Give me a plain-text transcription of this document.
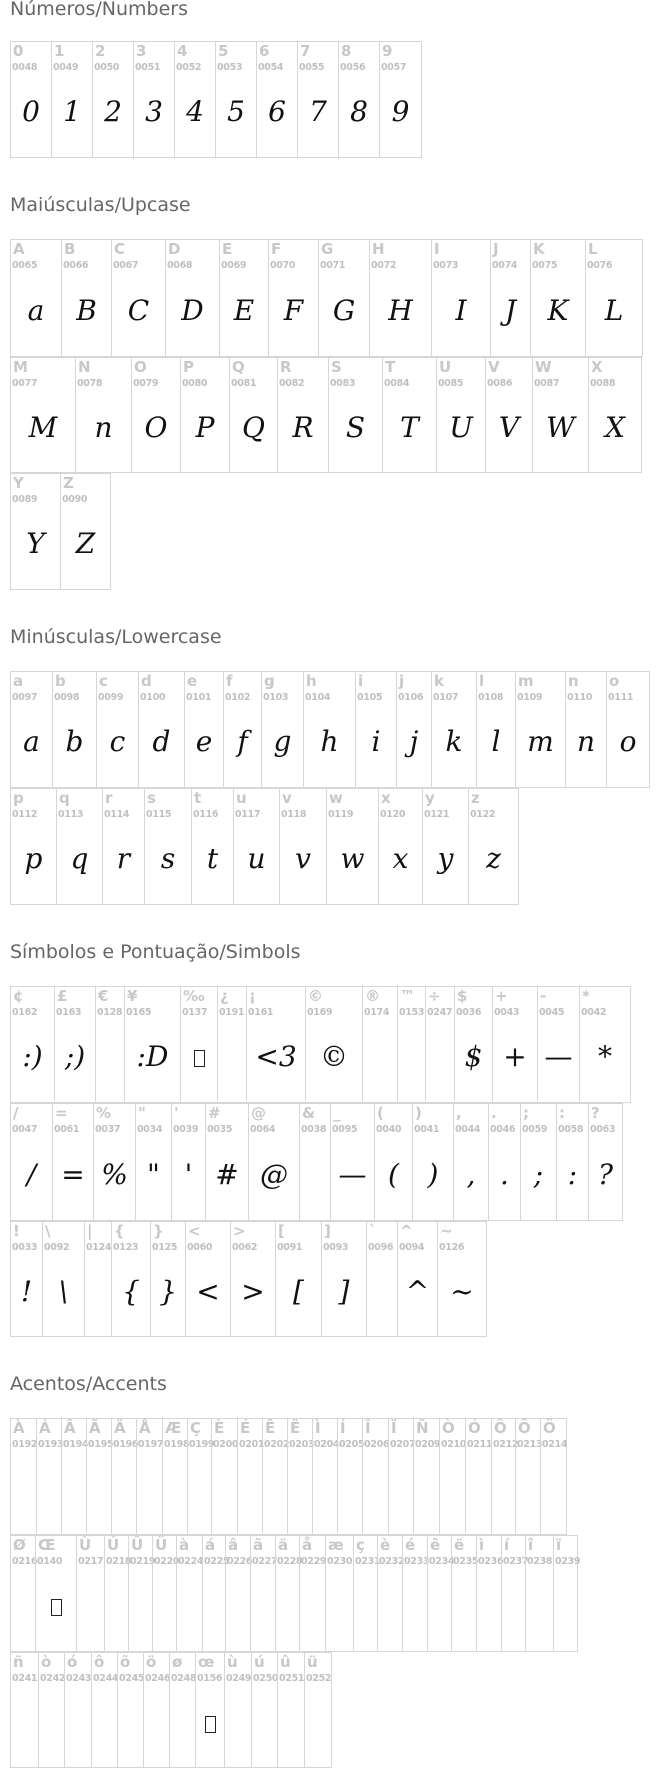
Números/Numbers
0
0048
0
1
0049
1
2
0050
2
3
0051
3
4
0052
4
5
0053
5
6
0054
6
7
0055
7
8
0056
8
9
0057
9
Maiúsculas/Upcase
A
0065
a
B
0066
B
C
0067
C
D
0068
D
E
0069
E
F
0070
F
G
0071
G
H
0072
H
I
0073
I
J
0074
J
K
0075
K
L
0076
L
M
0077
M
N
0078
n
O
0079
O
P
0080
P
Q
0081
Q
R
0082
R
S
0083
S
T
0084
T
U
0085
U
V
0086
V
W
0087
W
X
0088
X
Y
0089
Y
Z
0090
Z
Minúsculas/Lowercase
a
0097
a
b
0098
b
c
0099
c
d
0100
d
e
0101
e
f
0102
f
g
0103
g
h
0104
h
i
0105
i
j
0106
j
k
0107
k
l
0108
l
m
0109
m
n
0110
n
o
0111
o
p
0112
p
q
0113
q
r
0114
r
s
0115
s
t
0116
t
u
0117
u
v
0118
v
w
0119
w
x
0120
x
y
0121
y
z
0122
z
Símbolos e Pontuação/Simbols
¢
0162
:)
£
0163
;)
€
0128
¥
0165
:D
‰
0137
¿
0191
¡
0161
<3
©
0169
©
®
0174
™
0153
÷
0247
$
0036
$
+
0043
+
-
0045
—
*
0042
*
/
0047
/
=
0061
=
%
0037
%
"
0034
"
'
0039
'
#
0035
#
@
0064
@
&
0038
_
0095
—
(
0040
(
)
0041
)
,
0044
,
.
0046
.
;
0059
;
:
0058
:
?
0063
?
!
0033
!
\
0092
\
|
0124
{
0123
{
}
0125
}
<
0060
<
>
0062
>
[
0091
[
]
0093
]
`
0096
^
0094
^
~
0126
~
Acentos/Accents
À
0192
Á
0193
Â
0194
Ã
0195
Ä
0196
Å
0197
Æ
0198
Ç
0199
È
0200
É
0201
Ê
0202
Ë
0203
Ì
0204
Í
0205
Î
0206
Ï
0207
Ñ
0209
Ò
0210
Ó
0211
Ô
0212
Õ
0213
Ö
0214
Ø
0216
Œ
0140
Ù
0217
Ú
0218
Û
0219
Ü
0220
à
0224
á
0225
â
0226
ã
0227
ä
0228
å
0229
æ
0230
ç
0231
è
0232
é
0233
ê
0234
ë
0235
ì
0236
í
0237
î
0238
ï
0239
ñ
0241
ò
0242
ó
0243
ô
0244
õ
0245
ö
0246
ø
0248
œ
0156
ù
0249
ú
0250
û
0251
ü
0252
